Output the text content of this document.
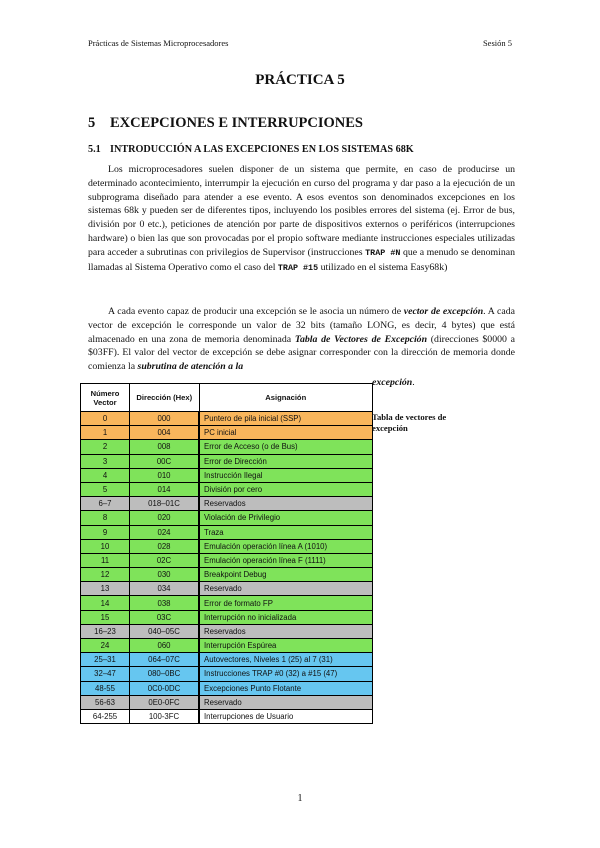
Prácticas de Sistemas Microprocesadores	Sesión 5
PRÁCTICA 5
5 EXCEPCIONES E INTERRUPCIONES
5.1 INTRODUCCIÓN A LAS EXCEPCIONES EN LOS SISTEMAS 68K

Los microprocesadores suelen disponer de un sistema que permite, en caso de producirse un determinado acontecimiento, interrumpir la ejecución en curso del programa y dar paso a la ejecución de un subprograma diseñado para atender a ese evento. A esos eventos son denominados excepciones en los sistemas 68k y pueden ser de diferentes tipos, incluyendo los posibles errores del sistema (ej. Error de bus, división por 0 etc.), peticiones de atención por parte de dispositivos externos o periféricos (interrupciones hardware) o bien las que son provocadas por el propio software mediante instrucciones especiales utilizadas para acceder a subrutinas con privilegios de Supervisor (instrucciones TRAP #N que a menudo se denominan llamadas al Sistema Operativo como el caso del TRAP #15 utilizado en el sistema Easy68k)

A cada evento capaz de producir una excepción se le asocia un número de vector de excepción. A cada vector de excepción le corresponde un valor de 32 bits (tamaño LONG, es decir, 4 bytes) que está almacenado en una zona de memoria denominada Tabla de Vectores de Excepción (direcciones $0000 a $03FF). El valor del vector de excepción se debe asignar corresponder con la dirección de memoria donde comienza la subrutina de atención a la

excepción.
Número Vector	Dirección (Hex)	Asignación
0	000	Puntero de pila inicial (SSP)
1	004	PC inicial
2	008	Error de Acceso (o de Bus)
3	00C	Error de Dirección
4	010	Instrucción Ilegal
5	014	División por cero
6–7	018–01C	Reservados
8	020	Violación de Privilegio
9	024	Traza
10	028	Emulación operación línea A (1010)
11	02C	Emulación operación línea F (1111)
12	030	Breakpoint Debug
13	034	Reservado
14	038	Error de formato FP
15	03C	Interrupción no inicializada
16–23	040–05C	Reservados
24	060	Interrupción Espúrea
25–31	064–07C	Autovectores, Niveles 1 (25) al 7 (31)
32–47	080–0BC	Instrucciones TRAP #0 (32) a #15 (47)
48-55	0C0-0DC	Excepciones Punto Flotante
56-63	0E0-0FC	Reservado
64-255	100-3FC	Interrupciones de Usuario
Tabla de vectores de excepción
1
